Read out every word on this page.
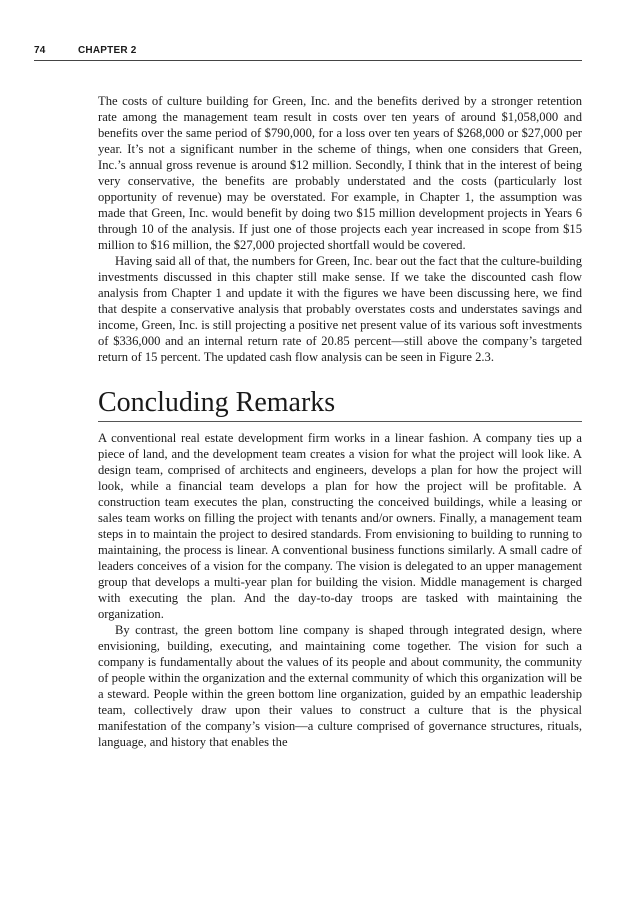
74	CHAPTER 2

The costs of culture building for Green, Inc. and the benefits derived by a stronger retention rate among the management team result in costs over ten years of around $1,058,000 and benefits over the same period of $790,000, for a loss over ten years of $268,000 or $27,000 per year. It’s not a significant number in the scheme of things, when one considers that Green, Inc.’s annual gross revenue is around $12 million. Secondly, I think that in the interest of being very conservative, the benefits are probably understated and the costs (particularly lost opportunity of revenue) may be overstated. For example, in Chapter 1, the assumption was made that Green, Inc. would benefit by doing two $15 million development projects in Years 6 through 10 of the analysis. If just one of those projects each year increased in scope from $15 million to $16 million, the $27,000 projected shortfall would be covered.

Having said all of that, the numbers for Green, Inc. bear out the fact that the culture-building investments discussed in this chapter still make sense. If we take the discounted cash flow analysis from Chapter 1 and update it with the figures we have been discussing here, we find that despite a conservative analysis that probably overstates costs and understates savings and income, Green, Inc. is still projecting a positive net present value of its various soft investments of $336,000 and an internal return rate of 20.85 percent—still above the company’s targeted return of 15 percent. The updated cash flow analysis can be seen in Figure 2.3.

Concluding Remarks

A conventional real estate development firm works in a linear fashion. A company ties up a piece of land, and the development team creates a vision for what the project will look like. A design team, comprised of architects and engineers, develops a plan for how the project will look, while a financial team develops a plan for how the project will be profitable. A construction team executes the plan, constructing the conceived buildings, while a leasing or sales team works on filling the project with tenants and/or owners. Finally, a management team steps in to maintain the project to desired standards. From envisioning to building to running to maintaining, the process is linear. A conventional business functions similarly. A small cadre of leaders conceives of a vision for the company. The vision is delegated to an upper management group that develops a multi-year plan for building the vision. Middle management is charged with executing the plan. And the day-to-day troops are tasked with maintaining the organization.

By contrast, the green bottom line company is shaped through integrated design, where envisioning, building, executing, and maintaining come together. The vision for such a company is fundamentally about the values of its people and about community, the community of people within the organization and the external community of which this organization will be a steward. People within the green bottom line organization, guided by an empathic leadership team, collectively draw upon their values to construct a culture that is the physical manifestation of the company’s vision—a culture comprised of governance structures, rituals, language, and history that enables the
